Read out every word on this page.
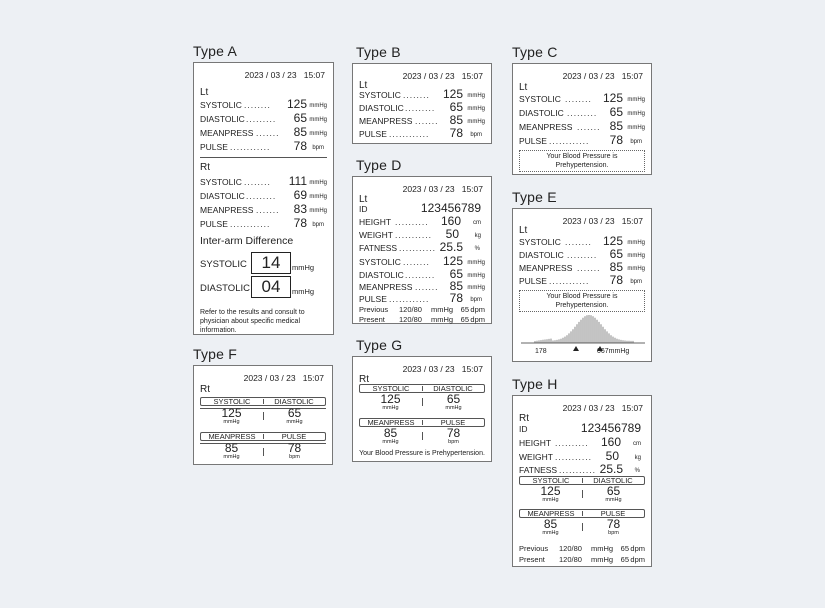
Type A
2023 / 03 / 23 15:07
Lt
SYSTOLIC ........ 125 mmHg
DIASTOLIC ......... 65 mmHg
MEANPRESS ....... 85 mmHg
PULSE ............ 78 bpm
Rt
SYSTOLIC ........ 111 mmHg
DIASTOLIC ......... 69 mmHg
MEANPRESS ....... 83 mmHg
PULSE ............ 78 bpm
Inter-arm Difference
SYSTOLIC 14	mmHg
DIASTOLIC 04	mmHg
Refer to the results and consult to physician about specific medical information.
Type B
2023 / 03 / 23 15:07
Lt
SYSTOLIC ........ 125 mmHg
DIASTOLIC ......... 65 mmHg
MEANPRESS ....... 85 mmHg
PULSE ............ 78 bpm
Type C
2023 / 03 / 23 15:07
Lt
SYSTOLIC ........ 125 mmHg
DIASTOLIC ......... 65 mmHg
MEANPRESS ....... 85 mmHg
PULSE ............ 78 bpm
Your Blood Pressure is
Prehypertension.
Type D
2023 / 03 / 23 15:07
Lt
ID	123456789
HEIGHT .......... 160 cm
WEIGHT ........... 50	kg
FATNESS ........... 25.5 %
SYSTOLIC ........ 125 mmHg
DIASTOLIC ......... 65 mmHg
MEANPRESS ....... 85 mmHg
PULSE ............ 78 bpm
Previous 120/80 mmHg 65 dpm
Present 120/80 mmHg 65 dpm
Type E
2023 / 03 / 23 15:07
Lt
SYSTOLIC ........ 125 mmHg
DIASTOLIC ......... 65 mmHg
MEANPRESS ....... 85 mmHg
PULSE ............ 78 bpm
Your Blood Pressure is
Prehypertension.
178	067mmHg
Type F
2023 / 03 / 23 15:07
Rt
SYSTOLIC	DIASTOLIC
125	65
mmHg	mmHg
MEANPRESS	PULSE
85	78
mmHg	bpm
Type G
2023 / 03 / 23 15:07
Rt
SYSTOLIC	DIASTOLIC
125	65
mmHg	mmHg
MEANPRESS	PULSE
85	78
mmHg	bpm
Your Blood Pressure is Prehypertension.
Type H
2023 / 03 / 23 15:07
Rt
ID	123456789
HEIGHT .......... 160 cm
WEIGHT ........... 50	kg
FATNESS ........... 25.5 %
SYSTOLIC	DIASTOLIC
125	65
mmHg	mmHg
MEANPRESS	PULSE
85	78
mmHg	bpm
Previous 120/80 mmHg 65 dpm
Present 120/80 mmHg 65 dpm
